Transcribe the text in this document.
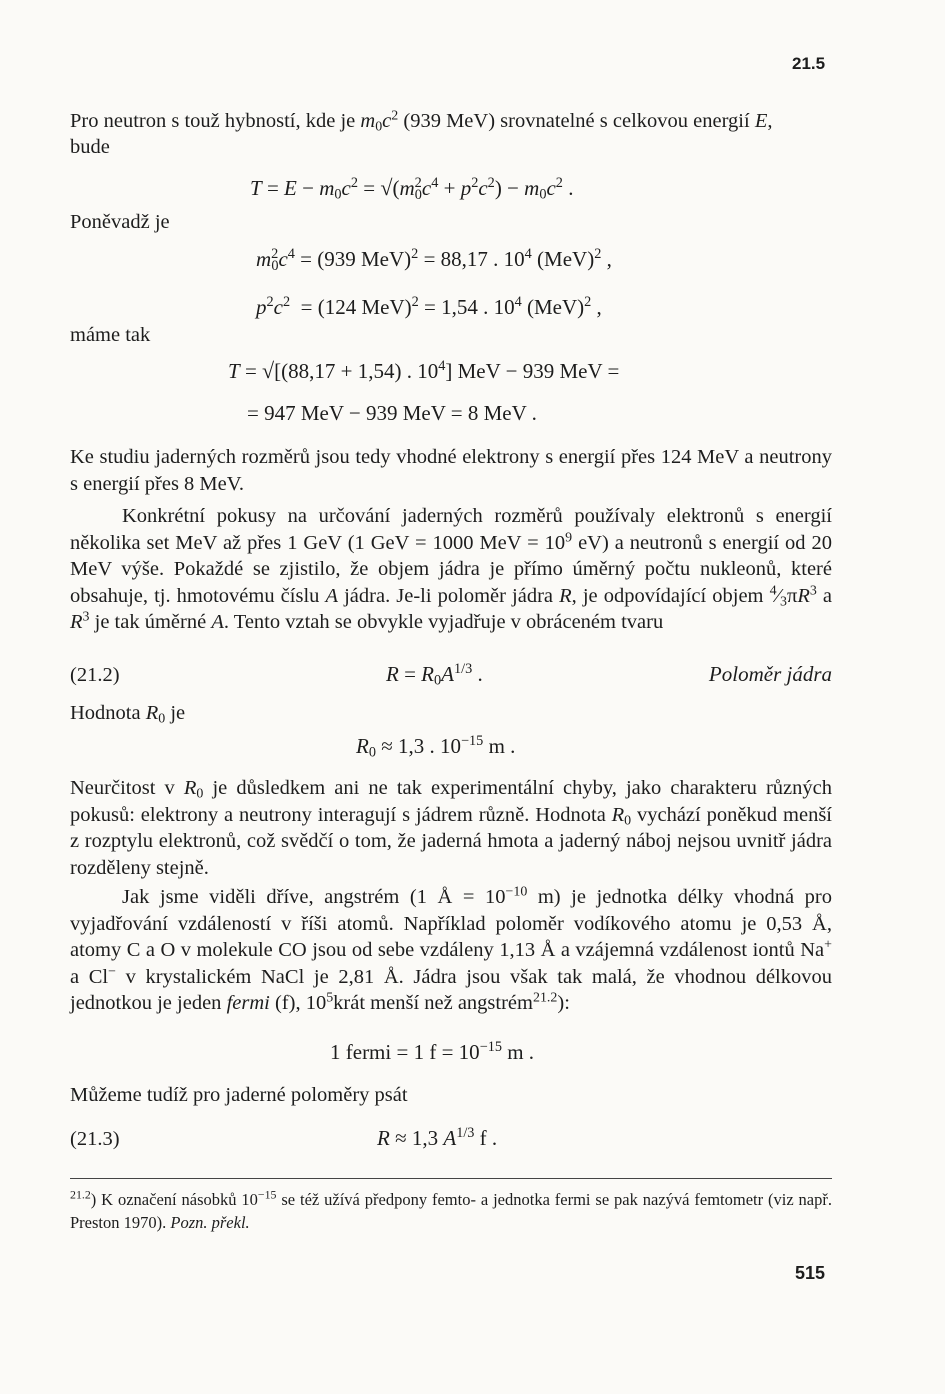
21.5
Pro neutron s touž hybností, kde je $m_0c^2$ (939 MeV) srovnatelné s celkovou energií E,
bude
$T = E - m_0c^2 = √(m^2_0c^4 + p^2c^2) - m_0c^2$ .
Poněvadž je
$m^2_0c^4 = (939$ MeV)$^2$ = 88,17 . $10^4$ (MeV)$^2$ ,
$p^2c^2 = (124$ MeV)$^2$ = 1,54 . $10^4$ (MeV)$^2$ ,
máme tak
T = √[(88,17 + 1,54) . $10^4$] MeV − 939 MeV =
= 947 MeV − 939 MeV = 8 MeV .
Ke studiu jaderných rozměrů jsou tedy vhodné elektrony s energií přes 124 MeV a neutrony s energií přes 8 MeV.
Konkrétní pokusy na určování jaderných rozměrů používaly elektronů s energií několika set MeV až přes 1 GeV (1 GeV = 1000 MeV = $10^9$ eV) a neutronů s energií od 20 MeV výše. Pokaždé se zjistilo, že objem jádra je přímo úměrný počtu nukleonů, které obsahuje, tj. hmotovému číslu A jádra. Je-li poloměr jádra R, je odpovídající objem $^4⁄_3\pi R^3$ a $R^3$ je tak úměrné A. Tento vztah se obvykle vyjadřuje v obráceném tvaru
(21.2)	$R = R_0A^{1/3}$ .	Poloměr jádra
Hodnota $R_0$ je
$R_0 \approx 1,3$ . $10^{-15}$ m .
Neurčitost v $R_0$ je důsledkem ani ne tak experimentální chyby, jako charakteru různých pokusů: elektrony a neutrony interagují s jádrem různě. Hodnota $R_0$ vychází poněkud menší z rozptylu elektronů, což svědčí o tom, že jaderná hmota a jaderný náboj nejsou uvnitř jádra rozděleny stejně.
Jak jsme viděli dříve, angstrém (1 Å = $10^{-10}$ m) je jednotka délky vhodná pro vyjadřování vzdáleností v říši atomů. Například poloměr vodíkového atomu je 0,53 Å, atomy C a O v molekule CO jsou od sebe vzdáleny 1,13 Å a vzájemná vzdálenost iontů Na+ a Cl− v krystalickém NaCl je 2,81 Å. Jádra jsou však tak malá, že vhodnou délkovou jednotkou je jeden fermi (f), $10^5krát$ menší než angstrém$^{21.2}$):
1 fermi = 1 $f = 10^{-15}$ m .
Můžeme tudíž pro jaderné poloměry psát
(21.3)	R ≈ 1,3 $A^{1/3}$ f .
$^{21.2}$) K označení násobků $10^{-15}$ se též užívá předpony femto- a jednotka fermi se pak nazývá femtometr (viz např. Preston 1970). Pozn. překl.
515
